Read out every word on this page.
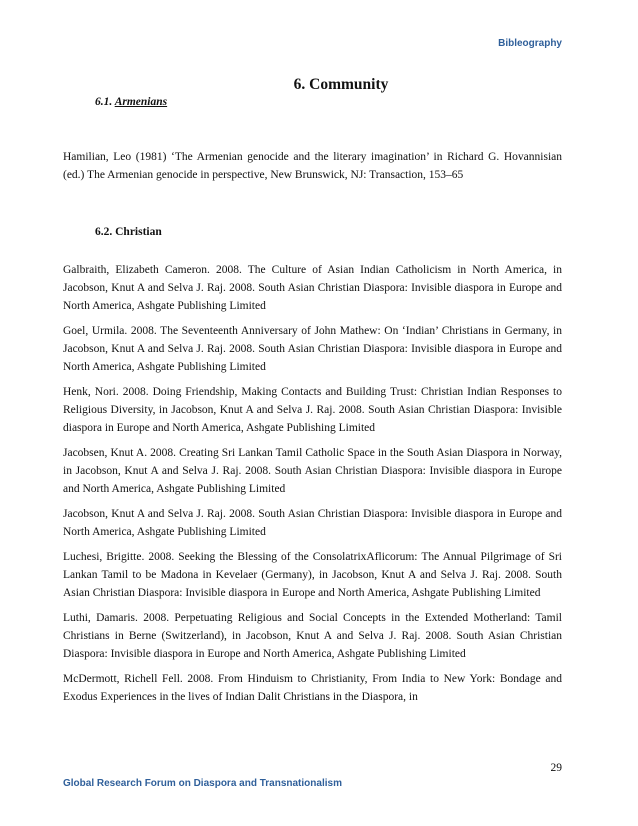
Bibleography
6. Community
6.1. Armenians

Hamilian, Leo (1981) ‘The Armenian genocide and the literary imagination’ in Richard G. Hovannisian (ed.) The Armenian genocide in perspective, New Brunswick, NJ: Transaction, 153–65

6.2. Christian

Galbraith, Elizabeth Cameron. 2008. The Culture of Asian Indian Catholicism in North America, in Jacobson, Knut A and Selva J. Raj. 2008. South Asian Christian Diaspora: Invisible diaspora in Europe and North America, Ashgate Publishing Limited

Goel, Urmila. 2008. The Seventeenth Anniversary of John Mathew: On ‘Indian’ Christians in Germany, in Jacobson, Knut A and Selva J. Raj. 2008. South Asian Christian Diaspora: Invisible diaspora in Europe and North America, Ashgate Publishing Limited

Henk, Nori. 2008. Doing Friendship, Making Contacts and Building Trust: Christian Indian Responses to Religious Diversity, in Jacobson, Knut A and Selva J. Raj. 2008. South Asian Christian Diaspora: Invisible diaspora in Europe and North America, Ashgate Publishing Limited

Jacobsen, Knut A. 2008. Creating Sri Lankan Tamil Catholic Space in the South Asian Diaspora in Norway, in Jacobson, Knut A and Selva J. Raj. 2008. South Asian Christian Diaspora: Invisible diaspora in Europe and North America, Ashgate Publishing Limited

Jacobson, Knut A and Selva J. Raj. 2008. South Asian Christian Diaspora: Invisible diaspora in Europe and North America, Ashgate Publishing Limited

Luchesi, Brigitte. 2008. Seeking the Blessing of the ConsolatrixAflicorum: The Annual Pilgrimage of Sri Lankan Tamil to be Madona in Kevelaer (Germany), in Jacobson, Knut A and Selva J. Raj. 2008. South Asian Christian Diaspora: Invisible diaspora in Europe and North America, Ashgate Publishing Limited

Luthi, Damaris. 2008. Perpetuating Religious and Social Concepts in the Extended Motherland: Tamil Christians in Berne (Switzerland), in Jacobson, Knut A and Selva J. Raj. 2008. South Asian Christian Diaspora: Invisible diaspora in Europe and North America, Ashgate Publishing Limited

McDermott, Richell Fell. 2008. From Hinduism to Christianity, From India to New York: Bondage and Exodus Experiences in the lives of Indian Dalit Christians in the Diaspora, in

29
Global Research Forum on Diaspora and Transnationalism
